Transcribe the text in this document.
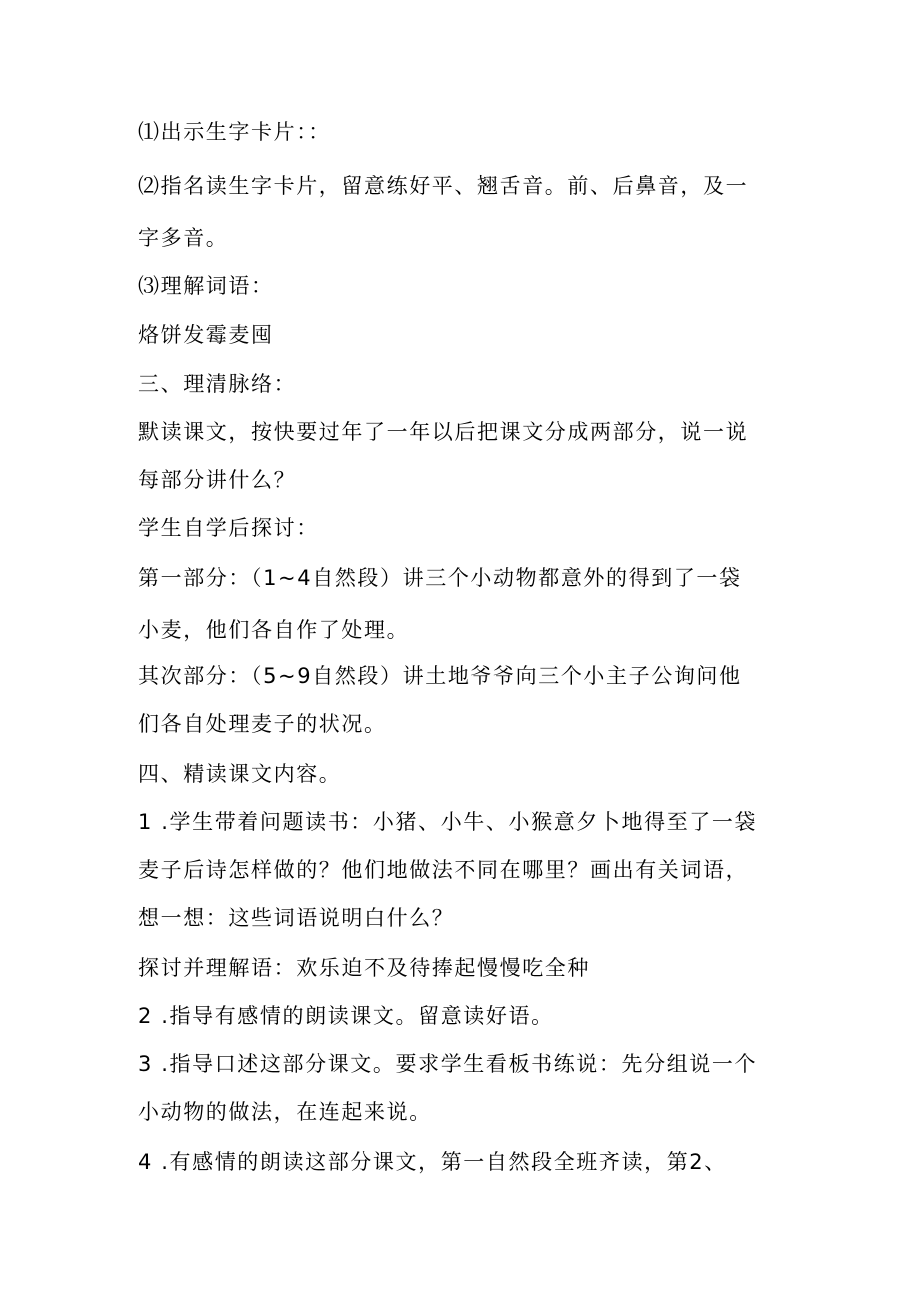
⑴出示生字卡片：：

⑵指名读生字卡片，留意练好平、翘舌音。前、后鼻音，及一

字多音。

⑶理解词语：

烙饼发霉麦囤

三、理清脉络：

默读课文，按快要过年了一年以后把课文分成两部分，说一说

每部分讲什么？

学生自学后探讨：

第一部分：（1~4自然段）讲三个小动物都意外的得到了一袋

小麦，他们各自作了处理。

其次部分：（5~9自然段）讲土地爷爷向三个小主子公询问他

们各自处理麦子的状况。

四、精读课文内容。

1 .学生带着问题读书：小猪、小牛、小猴意夕卜地得至了一袋

麦子后诗怎样做的？他们地做法不同在哪里？画出有关词语，

想一想：这些词语说明白什么？

探讨并理解语：欢乐迫不及待捧起慢慢吃全种

2 .指导有感情的朗读课文。留意读好语。

3 .指导口述这部分课文。要求学生看板书练说：先分组说一个

小动物的做法，在连起来说。

4 .有感情的朗读这部分课文，第一自然段全班齐读，第2、
